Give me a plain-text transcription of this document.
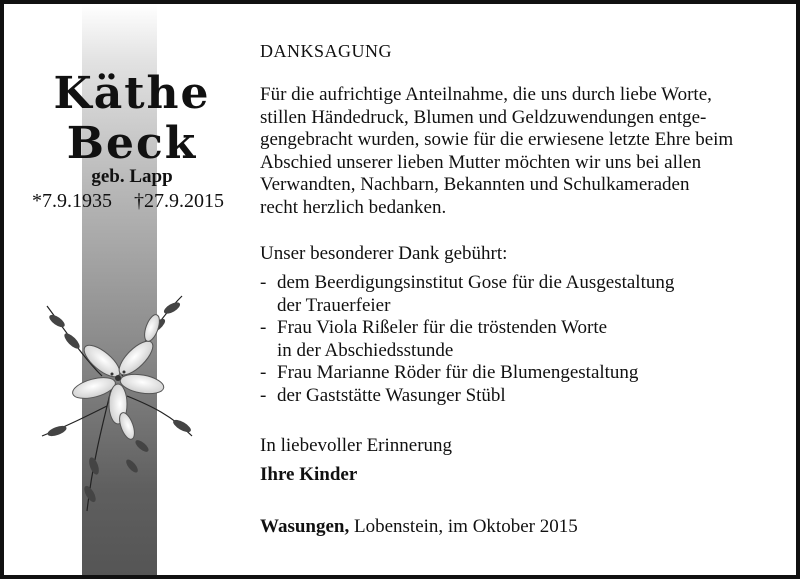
Käthe
Beck
geb. Lapp
*7.9.1935 †27.9.2015
DANKSAGUNG
Für die aufrichtige Anteilnahme, die uns durch liebe Worte,
stillen Händedruck, Blumen und Geldzuwendungen entge-
gengebracht wurden, sowie für die erwiesene letzte Ehre beim
Abschied unserer lieben Mutter möchten wir uns bei allen
Verwandten, Nachbarn, Bekannten und Schulkameraden
recht herzlich bedanken.
Unser besonderer Dank gebührt:
- dem Beerdigungsinstitut Gose für die Ausgestaltung
der Trauerfeier
- Frau Viola Rißeler für die tröstenden Worte
in der Abschiedsstunde
- Frau Marianne Röder für die Blumengestaltung
- der Gaststätte Wasunger Stübl
In liebevoller Erinnerung
Ihre Kinder
Wasungen, Lobenstein, im Oktober 2015
